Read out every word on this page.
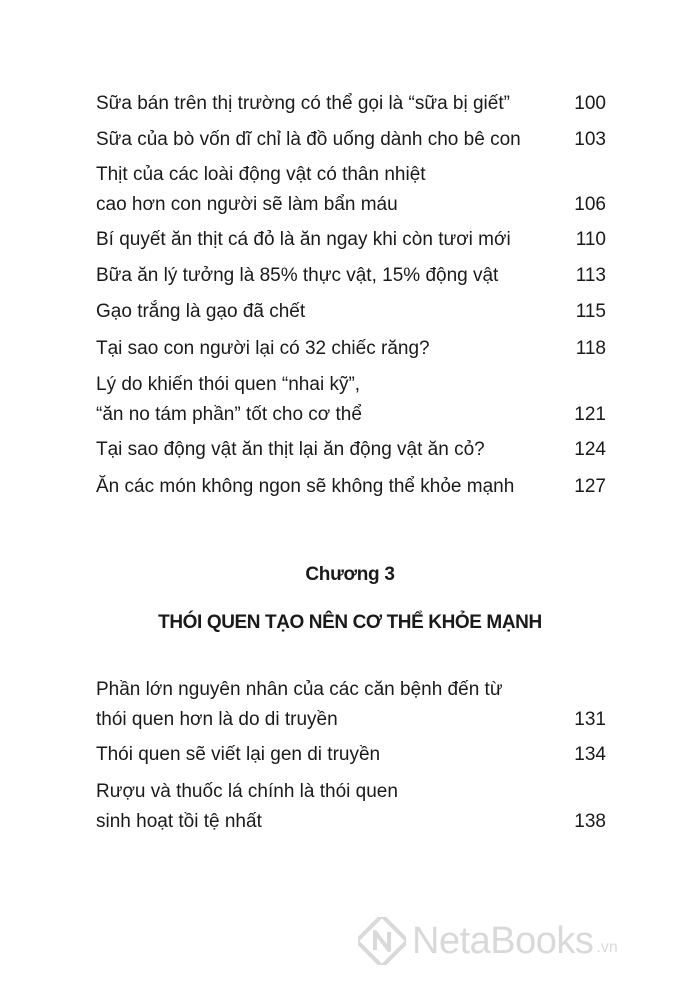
Sữa bán trên thị trường có thể gọi là “sữa bị giết”	100
Sữa của bò vốn dĩ chỉ là đồ uống dành cho bê con	103
Thịt của các loài động vật có thân nhiệt
cao hơn con người sẽ làm bẩn máu	106
Bí quyết ăn thịt cá đỏ là ăn ngay khi còn tươi mới	110
Bữa ăn lý tưởng là 85% thực vật, 15% động vật	113
Gạo trắng là gạo đã chết	115
Tại sao con người lại có 32 chiếc răng?	118
Lý do khiến thói quen “nhai kỹ”,
“ăn no tám phần” tốt cho cơ thể	121
Tại sao động vật ăn thịt lại ăn động vật ăn cỏ?	124
Ăn các món không ngon sẽ không thể khỏe mạnh	127
Chương 3
THÓI QUEN TẠO NÊN CƠ THỂ KHỎE MẠNH
Phần lớn nguyên nhân của các căn bệnh đến từ
thói quen hơn là do di truyền	131
Thói quen sẽ viết lại gen di truyền	134
Rượu và thuốc lá chính là thói quen
sinh hoạt tồi tệ nhất	138
NetaBooks .vn
